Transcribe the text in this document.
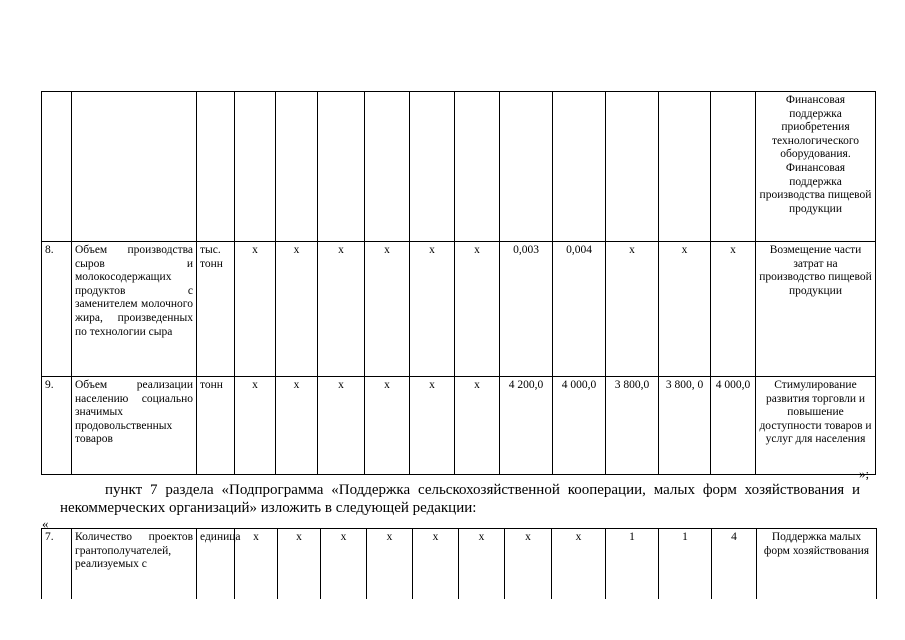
														Финансовая поддержка приобретения технологического оборудования. Финансовая поддержка производства пищевой продукции
8.	Объем производства сыров и молокосодержащих продуктов с заменителем молочного жира, произведенных по технологии сыра	тыс. тонн	х	х	х	х	х	х	0,003	0,004	х	х	х	Возмещение части затрат на производство пищевой продукции
9.	Объем реализации населению социально значимых продовольственных товаров	тонн	х	х	х	х	х	х	4 200,0	4 000,0	3 800,0	3 800, 0	4 000,0	Стимулирование развития торговли и повышение доступности товаров и услуг для населения
»;

пункт 7 раздела «Подпрограмма «Поддержка сельскохозяйственной кооперации, малых форм хозяйствования и некоммерческих организаций» изложить в следующей редакции:

«
7.	Количество проектов грантополучателей, реализуемых с	единица	х	х	х	х	х	х	х	х	1	1	4	Поддержка малых форм хозяйствования
